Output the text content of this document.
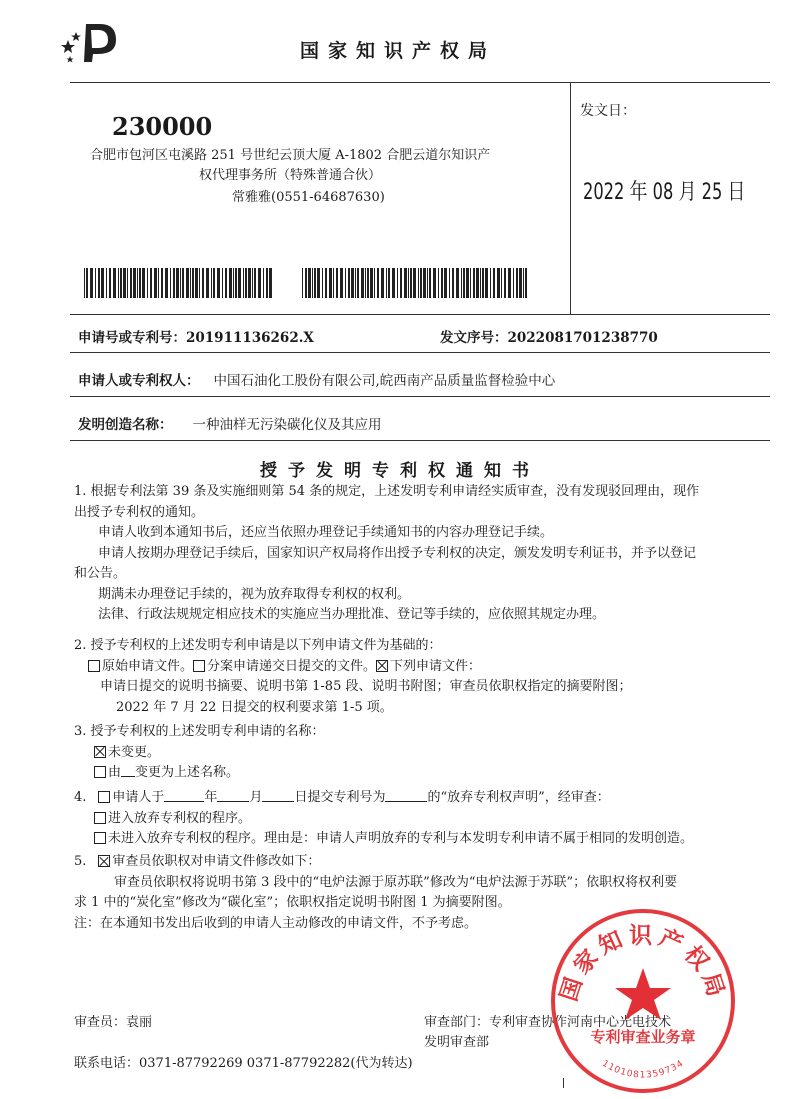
国家知识产权局
230000
合肥市包河区屯溪路 251 号世纪云顶大厦 A-1802 合肥云道尔知识产
权代理事务所（特殊普通合伙）
常雅雅(0551-64687630)
发文日：
2022 年 08 月 25 日
申请号或专利号：201911136262.X	发文序号：2022081701238770
申请人或专利权人： 中国石油化工股份有限公司,皖西南产品质量监督检验中心
发明创造名称： 一种油样无污染碳化仪及其应用
授予发明专利权通知书
1. 根据专利法第 39 条及实施细则第 54 条的规定，上述发明专利申请经实质审查，没有发现驳回理由，现作
出授予专利权的通知。
申请人收到本通知书后，还应当依照办理登记手续通知书的内容办理登记手续。
申请人按期办理登记手续后，国家知识产权局将作出授予专利权的决定，颁发发明专利证书，并予以登记
和公告。
期满未办理登记手续的，视为放弃取得专利权的权利。
法律、行政法规规定相应技术的实施应当办理批准、登记等手续的，应依照其规定办理。
2. 授予专利权的上述发明专利申请是以下列申请文件为基础的：
原始申请文件。 分案申请递交日提交的文件。 下列申请文件：
申请日提交的说明书摘要、说明书第 1-85 段、说明书附图；审查员依职权指定的摘要附图；
2022 年 7 月 22 日提交的权利要求第 1-5 项。
3. 授予专利权的上述发明专利申请的名称：
未变更。
由 变更为上述名称。
4. 申请人于	年 月 日提交专利号为	的“放弃专利权声明”，经审查：
进入放弃专利权的程序。
未进入放弃专利权的程序。理由是：申请人声明放弃的专利与本发明专利申请不属于相同的发明创造。
5. 审查员依职权对申请文件修改如下：
审查员依职权将说明书第 3 段中的“电炉法源于原苏联”修改为“电炉法源于苏联”；依职权将权利要
求 1 中的“炭化室”修改为“碳化室”；依职权指定说明书附图 1 为摘要附图。
注：在本通知书发出后收到的申请人主动修改的申请文件，不予考虑。
审查员：袁丽	审查部门：专利审查协作河南中心光电技术
发明审查部
联系电话：0371-87792269 0371-87792282(代为转达)
国家知识产权局
专利审查业务章
1101081359734
